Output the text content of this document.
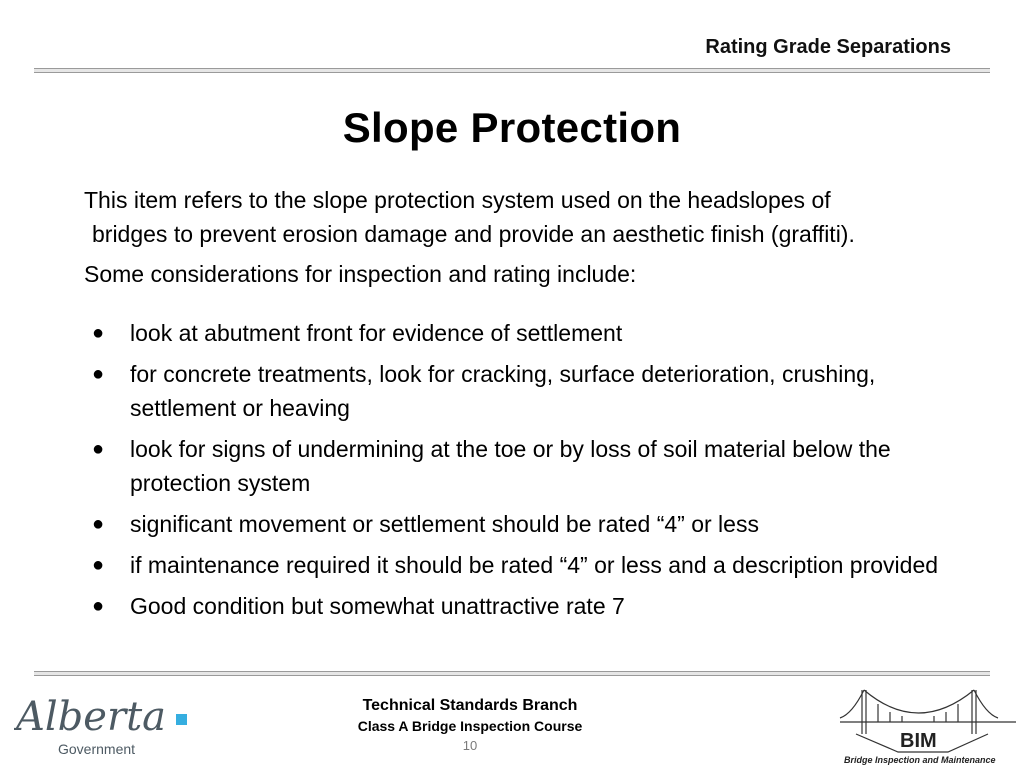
Rating Grade Separations
Slope Protection

This item refers to the slope protection system used on the headslopes of

bridges to prevent erosion damage and provide an aesthetic finish (graffiti).

Some considerations for inspection and rating include:

● look at abutment front for evidence of settlement
● for concrete treatments, look for cracking, surface deterioration, crushing, settlement or heaving
● look for signs of undermining at the toe or by loss of soil material below the protection system
● significant movement or settlement should be rated “4” or less
● if maintenance required it should be rated “4” or less and a description provided
● Good condition but somewhat unattractive rate 7
Alberta
Government
Technical Standards Branch
Class A Bridge Inspection Course
10	BIM
Bridge Inspection and Maintenance
